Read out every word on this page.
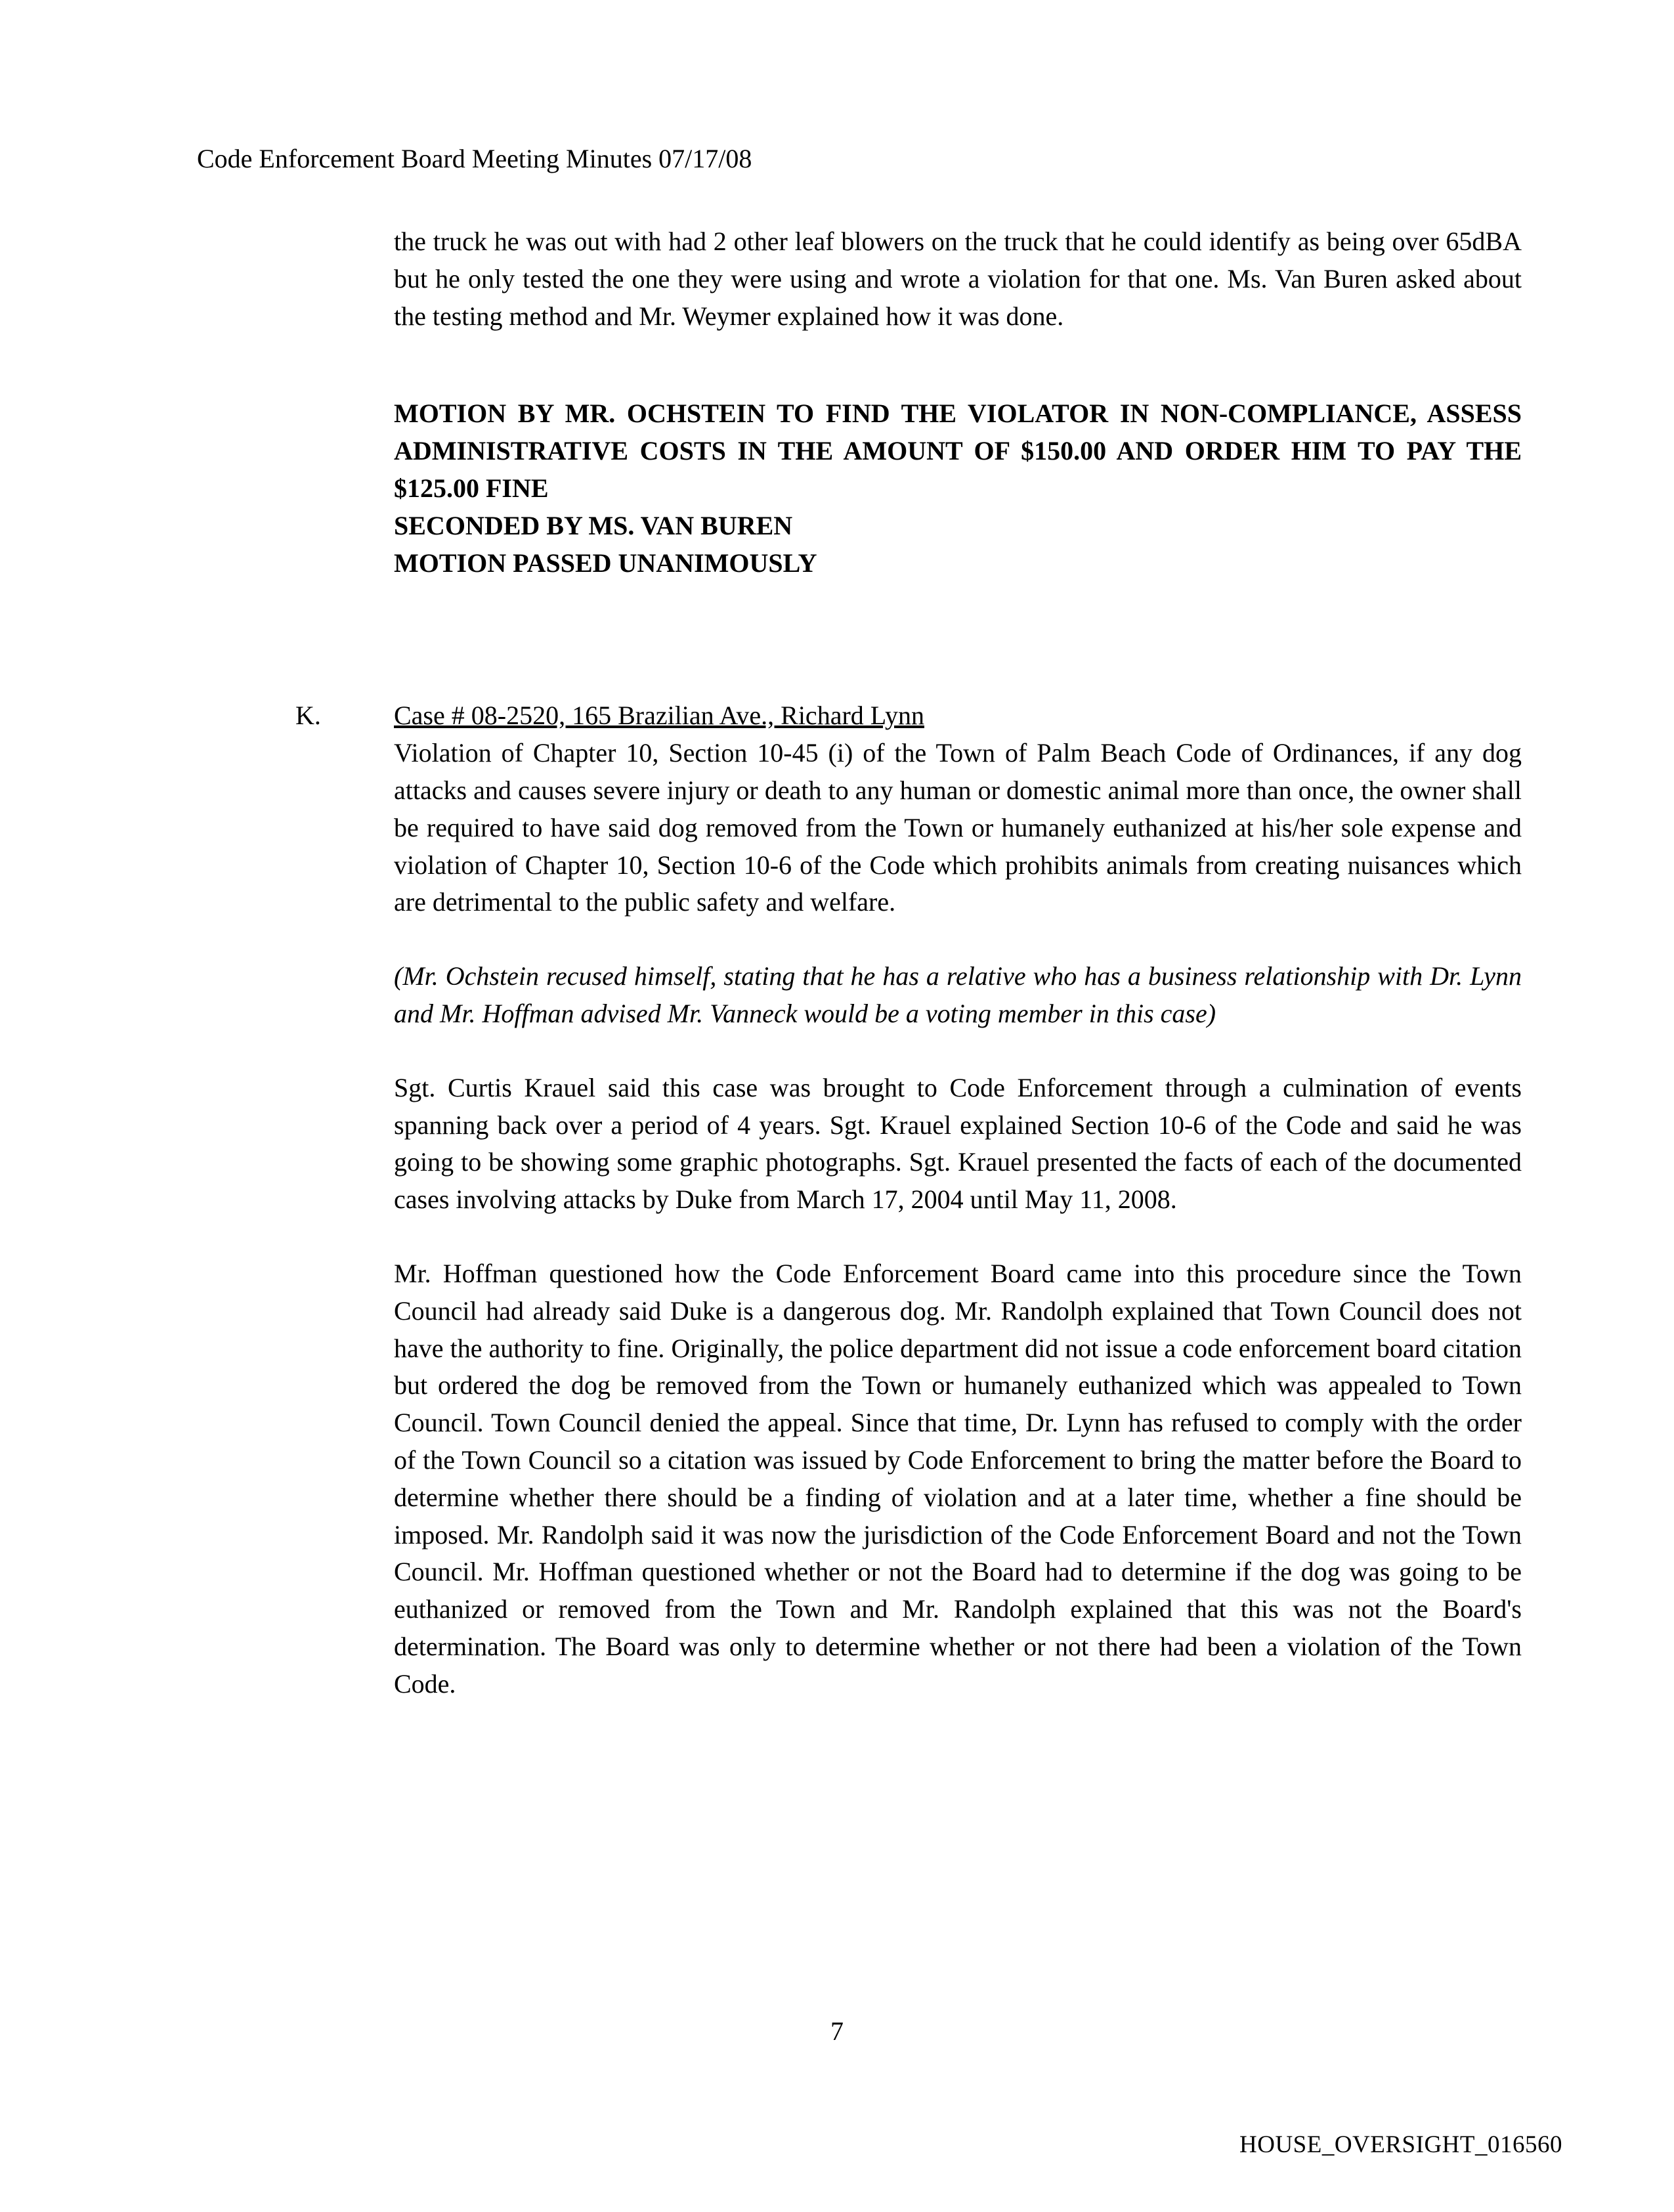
Code Enforcement Board Meeting Minutes 07/17/08

the truck he was out with had 2 other leaf blowers on the truck that he could identify as being over 65dBA but he only tested the one they were using and wrote a violation for that one. Ms. Van Buren asked about the testing method and Mr. Weymer explained how it was done.

MOTION BY MR. OCHSTEIN TO FIND THE VIOLATOR IN NON-COMPLIANCE, ASSESS ADMINISTRATIVE COSTS IN THE AMOUNT OF $150.00 AND ORDER HIM TO PAY THE $125.00 FINE

SECONDED BY MS. VAN BUREN

MOTION PASSED UNANIMOUSLY

K.	Case # 08-2520, 165 Brazilian Ave., Richard Lynn

Violation of Chapter 10, Section 10-45 (i) of the Town of Palm Beach Code of Ordinances, if any dog attacks and causes severe injury or death to any human or domestic animal more than once, the owner shall be required to have said dog removed from the Town or humanely euthanized at his/her sole expense and violation of Chapter 10, Section 10-6 of the Code which prohibits animals from creating nuisances which are detrimental to the public safety and welfare.

(Mr. Ochstein recused himself, stating that he has a relative who has a business relationship with Dr. Lynn and Mr. Hoffman advised Mr. Vanneck would be a voting member in this case)

Sgt. Curtis Krauel said this case was brought to Code Enforcement through a culmination of events spanning back over a period of 4 years. Sgt. Krauel explained Section 10-6 of the Code and said he was going to be showing some graphic photographs. Sgt. Krauel presented the facts of each of the documented cases involving attacks by Duke from March 17, 2004 until May 11, 2008.

Mr. Hoffman questioned how the Code Enforcement Board came into this procedure since the Town Council had already said Duke is a dangerous dog. Mr. Randolph explained that Town Council does not have the authority to fine. Originally, the police department did not issue a code enforcement board citation but ordered the dog be removed from the Town or humanely euthanized which was appealed to Town Council. Town Council denied the appeal. Since that time, Dr. Lynn has refused to comply with the order of the Town Council so a citation was issued by Code Enforcement to bring the matter before the Board to determine whether there should be a finding of violation and at a later time, whether a fine should be imposed. Mr. Randolph said it was now the jurisdiction of the Code Enforcement Board and not the Town Council. Mr. Hoffman questioned whether or not the Board had to determine if the dog was going to be euthanized or removed from the Town and Mr. Randolph explained that this was not the Board's determination. The Board was only to determine whether or not there had been a violation of the Town Code.

7
HOUSE_OVERSIGHT_016560
